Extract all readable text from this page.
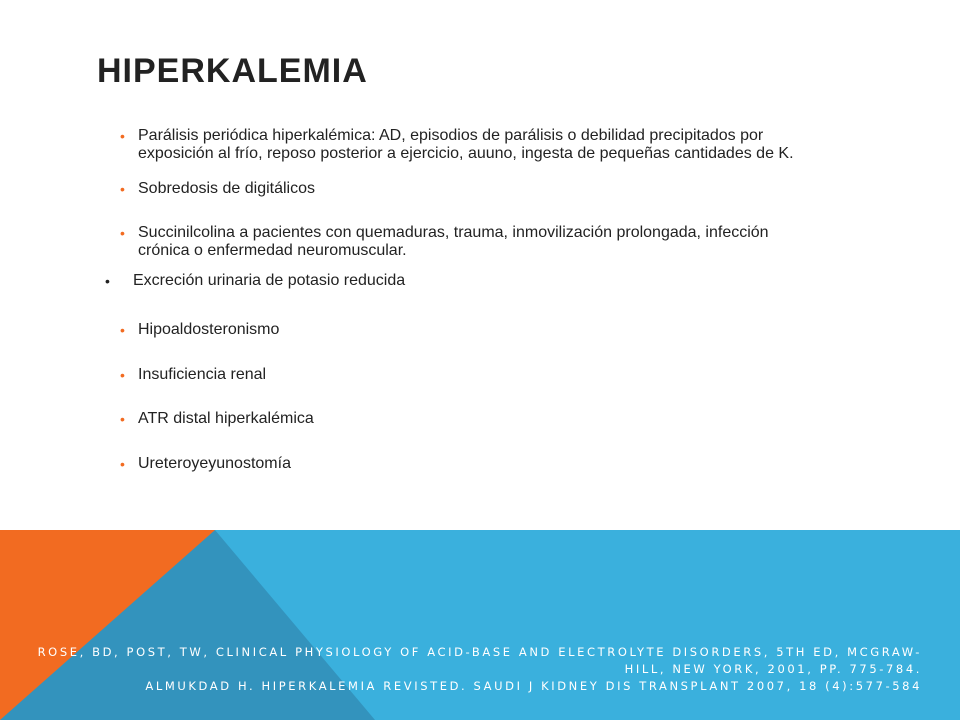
HIPERKALEMIA
• Parálisis periódica hiperkalémica: AD, episodios de parálisis o debilidad precipitados por
exposición al frío, reposo posterior a ejercicio, auuno, ingesta de pequeñas cantidades de K.
• Sobredosis de digitálicos
• Succinilcolina a pacientes con quemaduras, trauma, inmovilización prolongada, infección
crónica o enfermedad neuromuscular.
• Excreción urinaria de potasio reducida
• Hipoaldosteronismo
• Insuficiencia renal
• ATR distal hiperkalémica
• Ureteroyeyunostomía
ROSE, BD, POST, TW, CLINICAL PHYSIOLOGY OF ACID-BASE AND ELECTROLYTE DISORDERS, 5TH ED, MCGRAW-
HILL, NEW YORK, 2001, PP. 775-784.
ALMUKDAD H. HIPERKALEMIA REVISTED. SAUDI J KIDNEY DIS TRANSPLANT 2007, 18 (4):577-584
